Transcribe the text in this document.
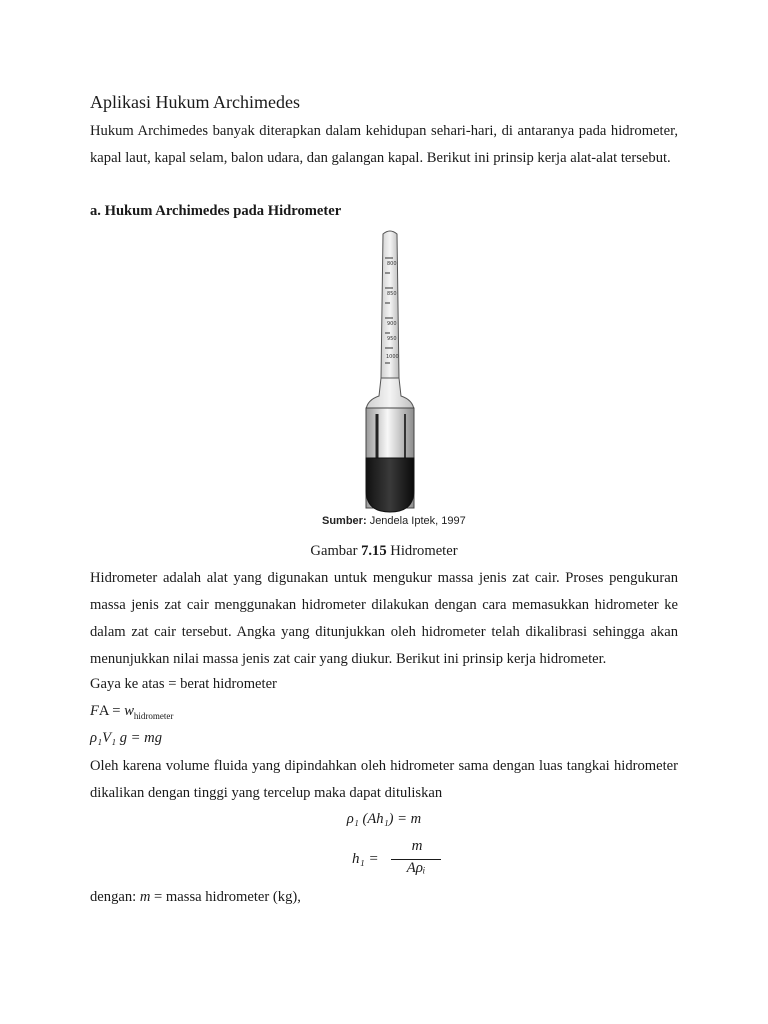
Aplikasi Hukum Archimedes

Hukum Archimedes banyak diterapkan dalam kehidupan sehari-hari, di antaranya pada hidrometer, kapal laut, kapal selam, balon udara, dan galangan kapal. Berikut ini prinsip kerja alat-alat tersebut.

a. Hukum Archimedes pada Hidrometer

800
850
900
950
1000
Sumber: Jendela Iptek, 1997
Gambar 7.15 Hidrometer

Hidrometer adalah alat yang digunakan untuk mengukur massa jenis zat cair. Proses pengukuran massa jenis zat cair menggunakan hidrometer dilakukan dengan cara memasukkan hidrometer ke dalam zat cair tersebut. Angka yang ditunjukkan oleh hidrometer telah dikalibrasi sehingga akan menunjukkan nilai massa jenis zat cair yang diukur. Berikut ini prinsip kerja hidrometer.

Gaya ke atas = berat hidrometer
FA = $w_{hidrometer}$
ρ₁V₁ g = mg

Oleh karena volume fluida yang dipindahkan oleh hidrometer sama dengan luas tangkai hidrometer dikalikan dengan tinggi yang tercelup maka dapat dituliskan

ρ₁ (Ah₁) = m
h₁ =
m
Aρᵢ
dengan: m = massa hidrometer (kg),
